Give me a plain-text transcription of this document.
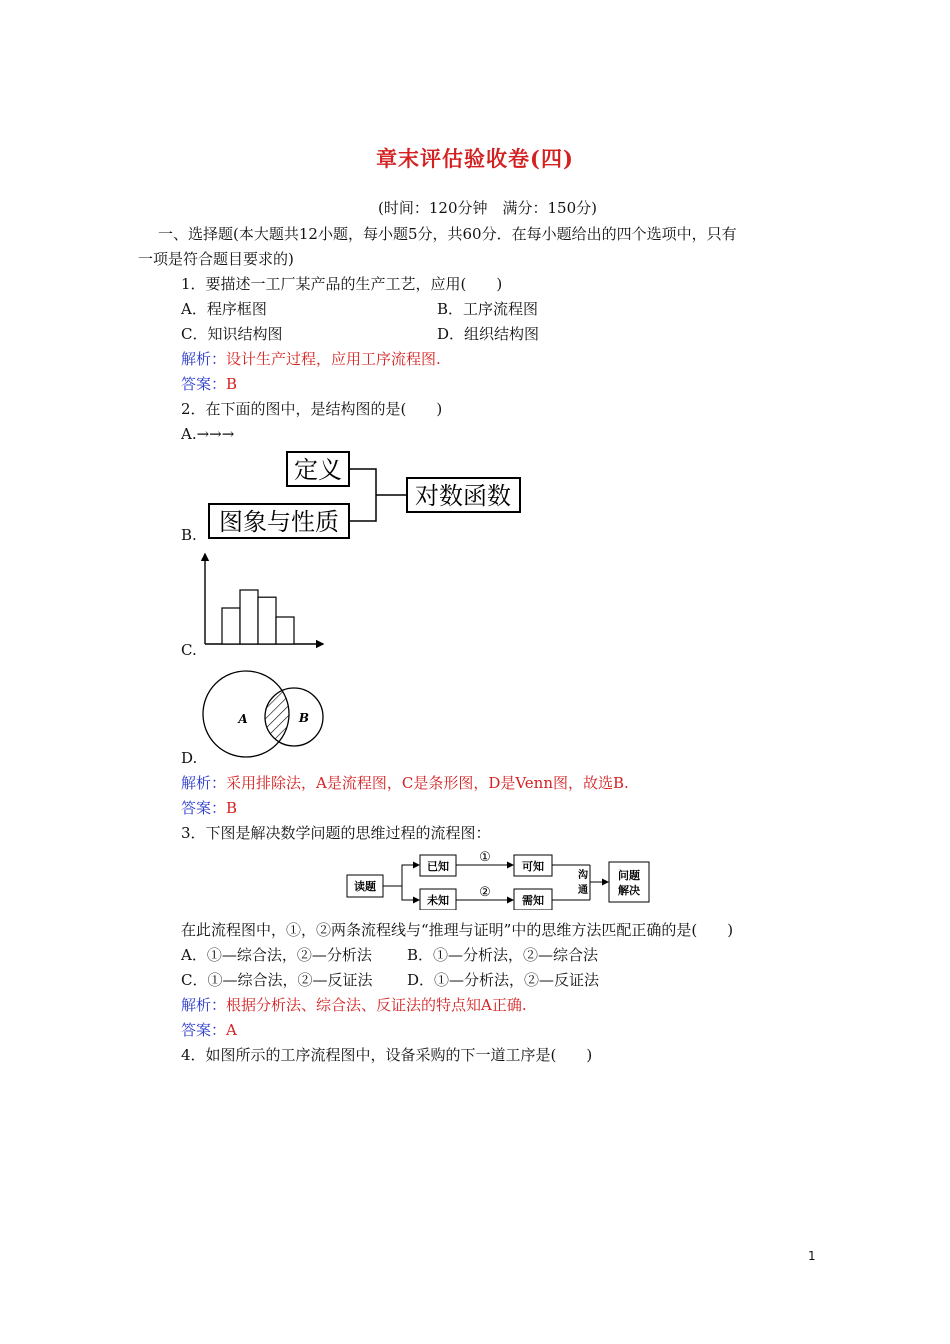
章末评估验收卷(四)
(时间：120分钟　满分：150分)
一、选择题(本大题共12小题，每小题5分，共60分．在每小题给出的四个选项中，只有
一项是符合题目要求的)
1．要描述一工厂某产品的生产工艺，应用(　　)
A．程序框图	B．工序流程图
C．知识结构图	D．组织结构图
解析：设计生产过程，应用工序流程图.
答案：B
2．在下面的图中，是结构图的是(　　)
A.→→→
定义
图象与性质
对数函数
B.
C.
A	B
D.
解析：采用排除法，A是流程图，C是条形图，D是Venn图，故选B.
答案：B
3．下图是解决数学问题的思维过程的流程图：
读题
已知
未知
①
②
可知
需知
沟
通
问题
解决
在此流程图中，①，②两条流程线与“推理与证明”中的思维方法匹配正确的是(　　)
A．①—综合法，②—分析法 B．①—分析法，②—综合法
C．①—综合法，②—反证法 D．①—分析法，②—反证法
解析：根据分析法、综合法、反证法的特点知A正确.
答案：A
4．如图所示的工序流程图中，设备采购的下一道工序是(　　)
1
